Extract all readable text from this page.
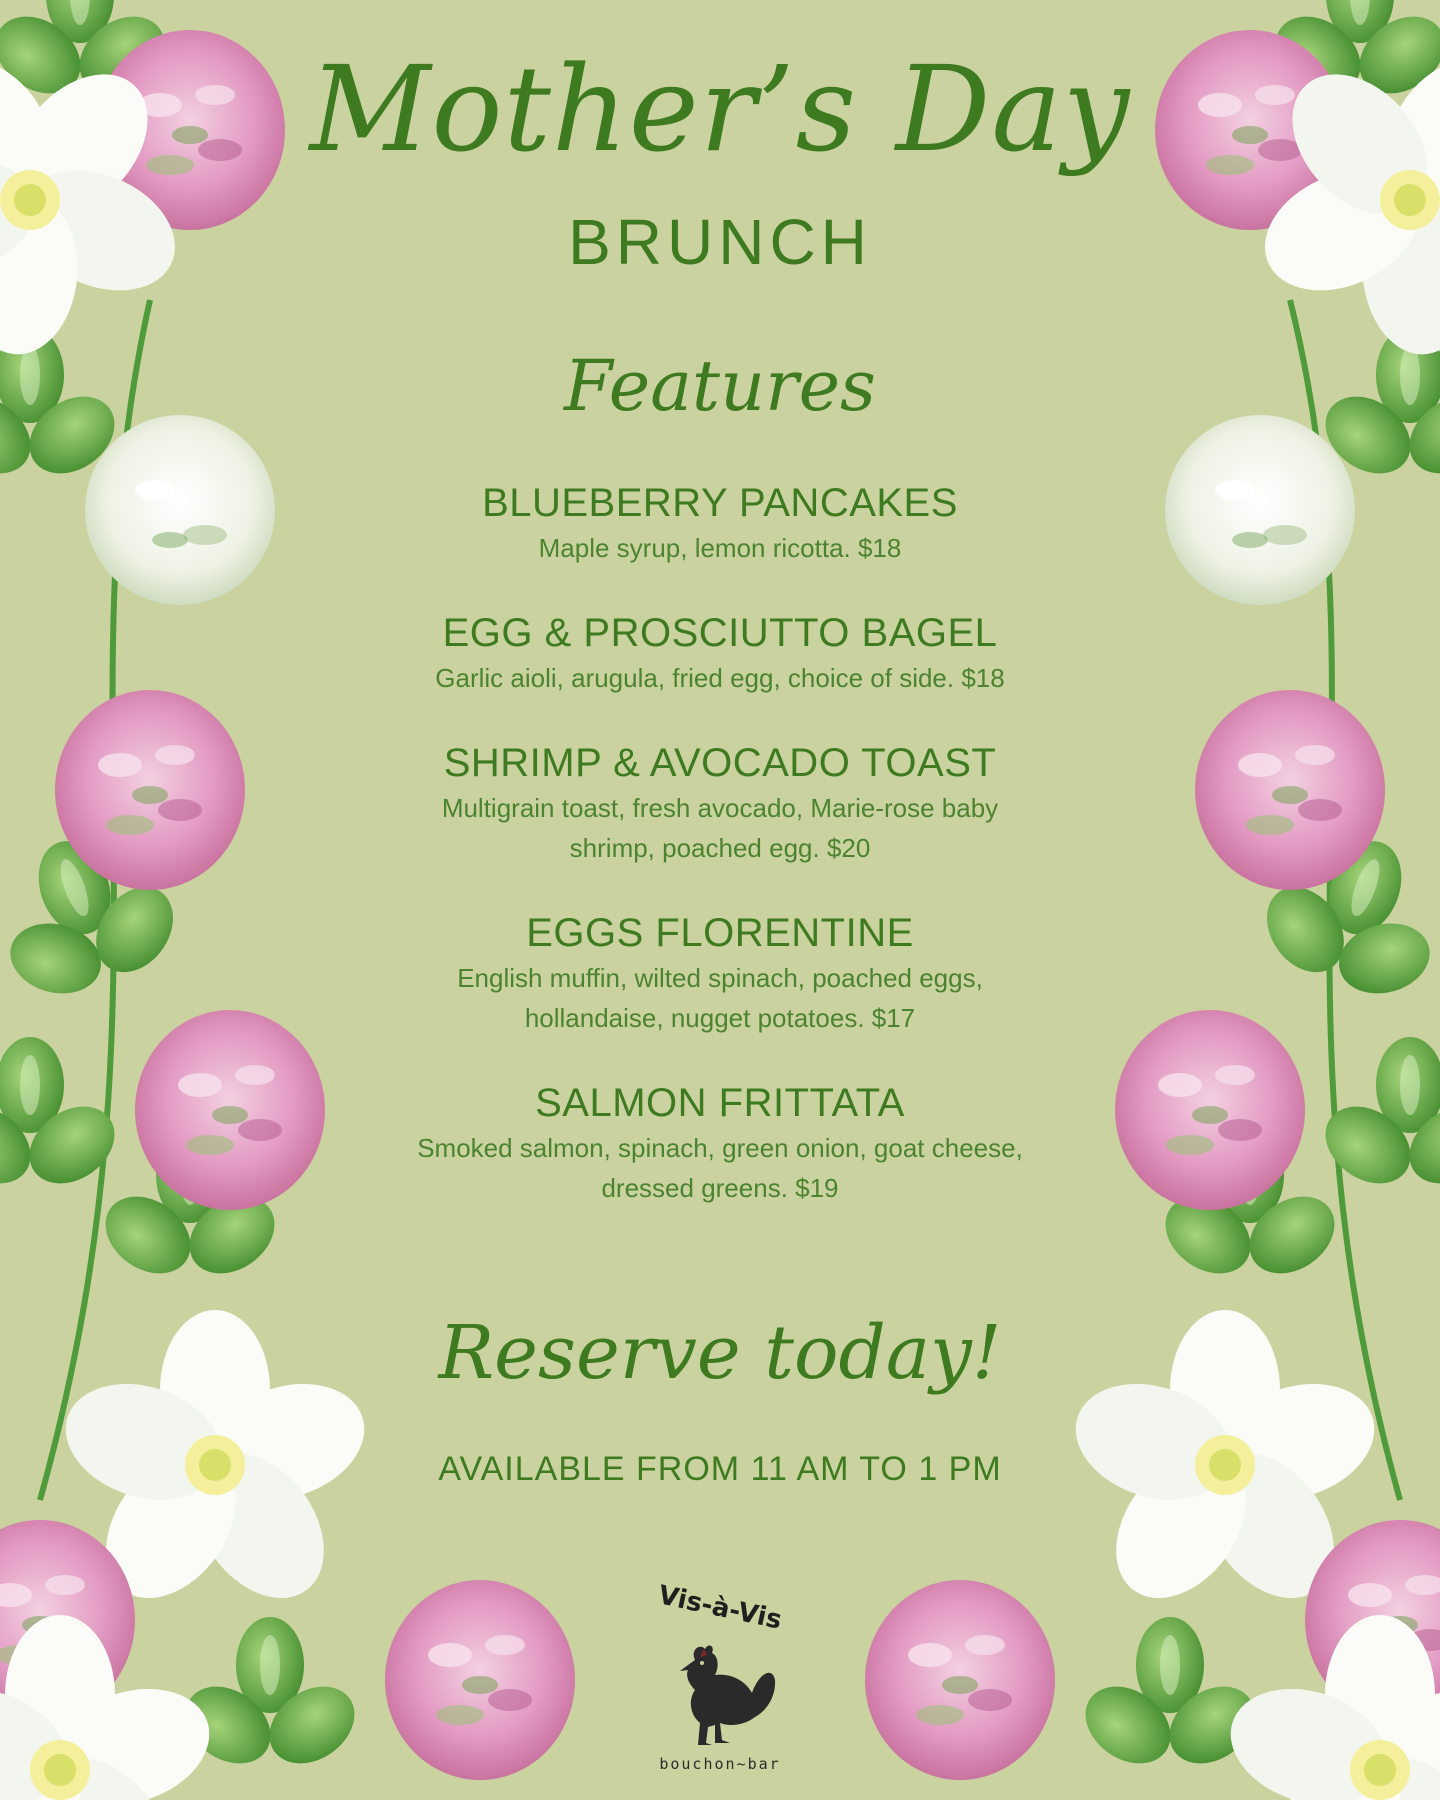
Mother’s Day
BRUNCH
Features
BLUEBERRY PANCAKES
Maple syrup, lemon ricotta. $18
EGG & PROSCIUTTO BAGEL
Garlic aioli, arugula, fried egg, choice of side. $18
SHRIMP & AVOCADO TOAST
Multigrain toast, fresh avocado, Marie-rose baby
shrimp, poached egg. $20
EGGS FLORENTINE
English muffin, wilted spinach, poached eggs,
hollandaise, nugget potatoes. $17
SALMON FRITTATA
Smoked salmon, spinach, green onion, goat cheese,
dressed greens. $19
Reserve today!
AVAILABLE FROM 11 AM TO 1 PM
Vis-à-Vis
bouchon~bar
